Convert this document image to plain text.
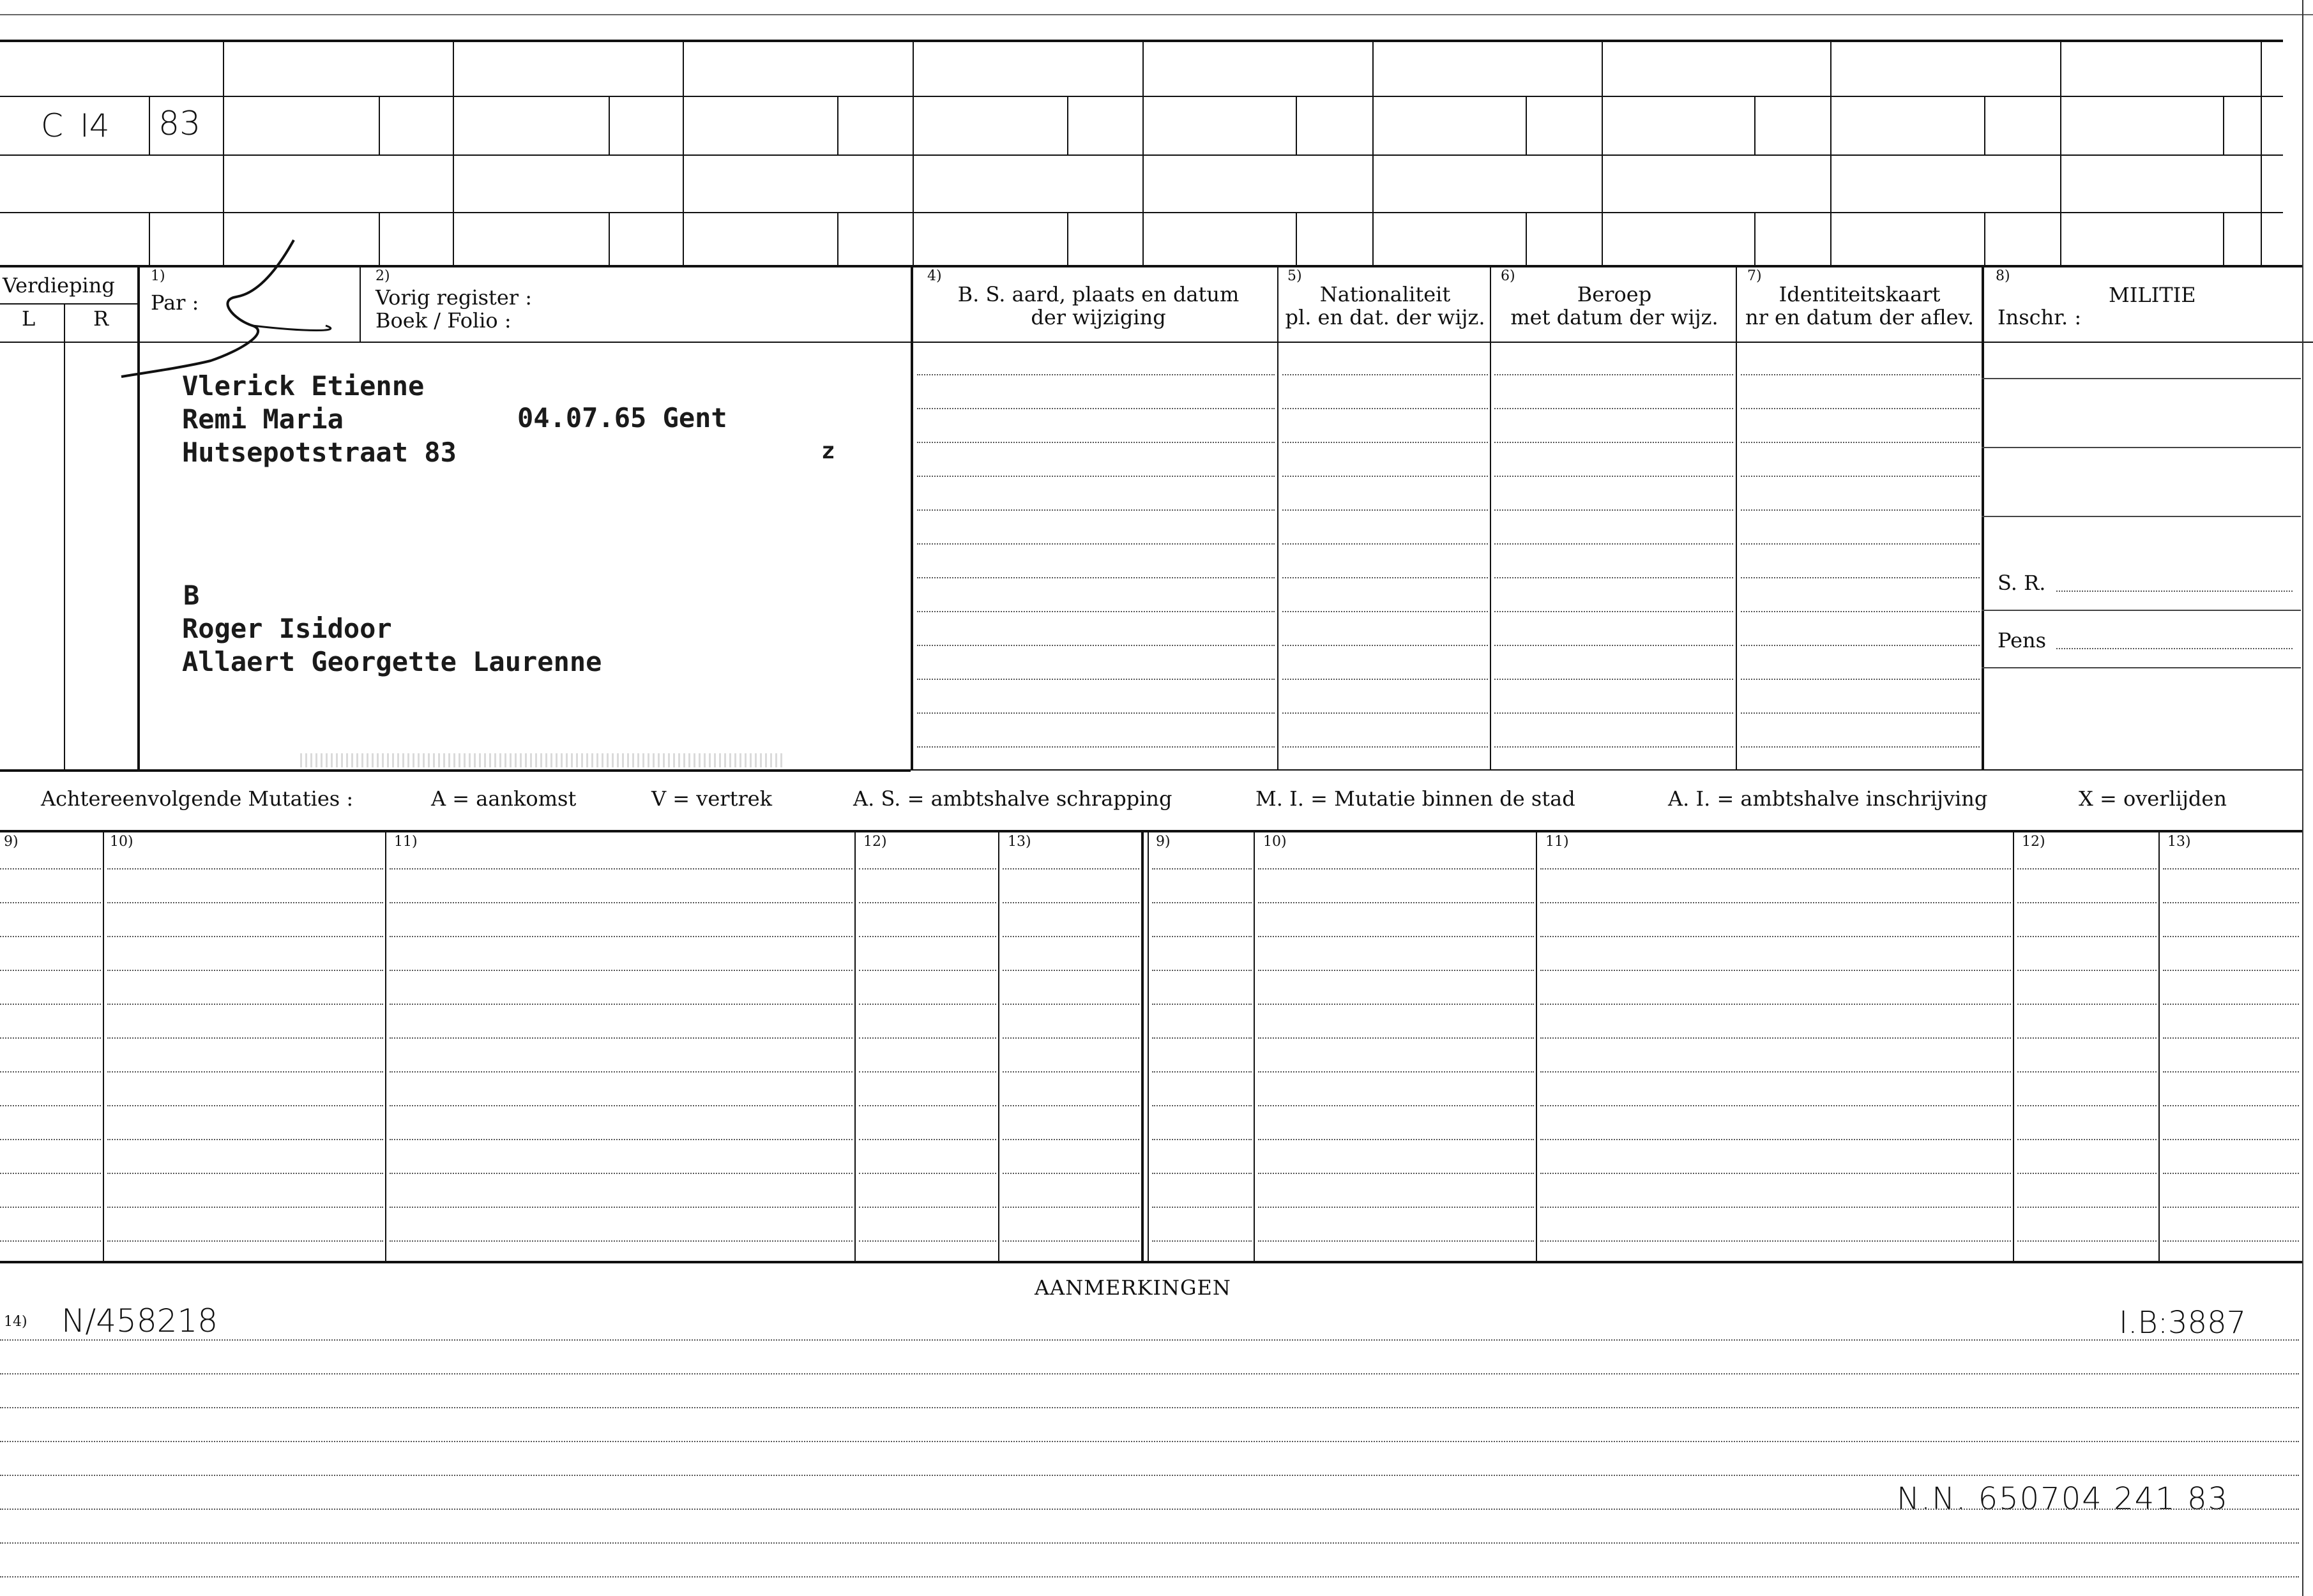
C I4 83
Verdieping
L	R
1)
Par :
2)
Vorig register :
Boek / Folio :
4)
B. S. aard, plaats en datum
der wijziging
5)
Nationaliteit
pl. en dat. der wijz.
6)
Beroep
met datum der wijz.
7)
Identiteitskaart
nr en datum der aflev.
8)
MILITIE
Inschr. :
S. R.
Pens
Vlerick Etienne
Remi Maria	04.07.65 Gent
Hutsepotstraat 83	z
B
Roger Isidoor
Allaert Georgette Laurenne
Achtereenvolgende Mutaties :	A = aankomst	V = vertrek	A. S. = ambtshalve schrapping	M. I. = Mutatie binnen de stad	A. I. = ambtshalve inschrijving	X = overlijden
9)	10)	11)	12)	13)	9)	10)	11)	12)	13)
AANMERKINGEN
14) N/458218	I.B:3887
N.N. 650704 241 83
